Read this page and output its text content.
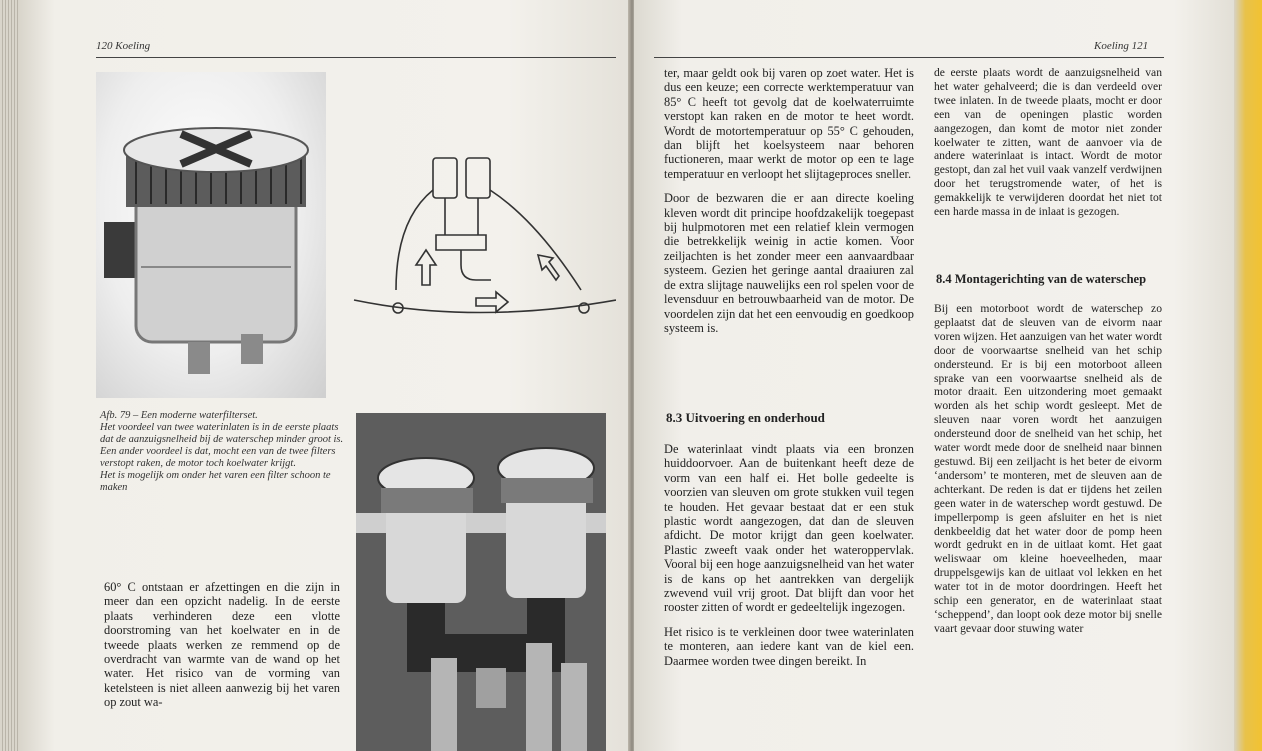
120 Koeling

Afb. 79 – Een moderne waterfilterset.

Het voordeel van twee waterinlaten is in de eerste plaats dat de aanzuigsnelheid bij de waterschep minder groot is.

Een ander voordeel is dat, mocht een van de twee filters verstopt raken, de motor toch koelwater krijgt.

Het is mogelijk om onder het varen een filter schoon te maken

60° C ontstaan er afzettingen en die zijn in meer dan een opzicht nadelig. In de eerste plaats verhinderen deze een vlotte doorstroming van het koelwater en in de tweede plaats werken ze remmend op de overdracht van warmte van de wand op het water. Het risico van de vorming van ketelsteen is niet alleen aanwezig bij het varen op zout wa-

Koeling 121

ter, maar geldt ook bij varen op zoet water. Het is dus een keuze; een correcte werktemperatuur van 85° C heeft tot gevolg dat de koelwaterruimte verstopt kan raken en de motor te heet wordt. Wordt de motortemperatuur op 55° C gehouden, dan blijft het koelsysteem naar behoren fuctioneren, maar werkt de motor op een te lage temperatuur en verloopt het slijtageproces sneller.

Door de bezwaren die er aan directe koeling kleven wordt dit principe hoofdzakelijk toegepast bij hulpmotoren met een relatief klein vermogen die betrekkelijk weinig in actie komen. Voor zeiljachten is het zonder meer een aanvaardbaar systeem. Gezien het geringe aantal draaiuren zal de extra slijtage nauwelijks een rol spelen voor de levensduur en betrouwbaarheid van de motor. De voordelen zijn dat het een eenvoudig en goedkoop systeem is.

8.3 Uitvoering en onderhoud

De waterinlaat vindt plaats via een bronzen huiddoorvoer. Aan de buitenkant heeft deze de vorm van een half ei. Het bolle gedeelte is voorzien van sleuven om grote stukken vuil tegen te houden. Het gevaar bestaat dat er een stuk plastic wordt aangezogen, dat dan de sleuven afdicht. De motor krijgt dan geen koelwater. Plastic zweeft vaak onder het wateroppervlak. Vooral bij een hoge aanzuigsnelheid van het water is de kans op het aantrekken van dergelijk zwevend vuil vrij groot. Dat blijft dan voor het rooster zitten of wordt er gedeeltelijk ingezogen.

Het risico is te verkleinen door twee waterinlaten te monteren, aan iedere kant van de kiel een. Daarmee worden twee dingen bereikt. In

de eerste plaats wordt de aanzuigsnelheid van het water gehalveerd; die is dan verdeeld over twee inlaten. In de tweede plaats, mocht er door een van de openingen plastic worden aangezogen, dan komt de motor niet zonder koelwater te zitten, want de aanvoer via de andere waterinlaat is intact. Wordt de motor gestopt, dan zal het vuil vaak vanzelf verdwijnen door het terugstromende water, of het is gemakkelijk te verwijderen doordat het niet tot een harde massa in de inlaat is gezogen.

8.4 Montagerichting van de waterschep

Bij een motorboot wordt de waterschep zo geplaatst dat de sleuven van de eivorm naar voren wijzen. Het aanzuigen van het water wordt door de voorwaartse snelheid van het schip ondersteund. Er is bij een motorboot alleen sprake van een voorwaartse snelheid als de motor draait. Een uitzondering moet gemaakt worden als het schip wordt gesleept. Met de sleuven naar voren wordt het aanzuigen ondersteund door de snelheid van het schip, het water wordt mede door de snelheid naar binnen gestuwd. Bij een zeiljacht is het beter de eivorm ‘andersom’ te monteren, met de sleuven aan de achterkant. De reden is dat er tijdens het zeilen geen water in de waterschep wordt gestuwd. De impellerpomp is geen afsluiter en het is niet denkbeeldig dat het water door de pomp heen wordt gedrukt en in de uitlaat komt. Het gaat weliswaar om kleine hoeveelheden, maar druppelsgewijs kan de uitlaat vol lekken en het water tot in de motor doordringen. Heeft het schip een generator, en de waterinlaat staat ‘scheppend’, dan loopt ook deze motor bij snelle vaart gevaar door stuwing water
